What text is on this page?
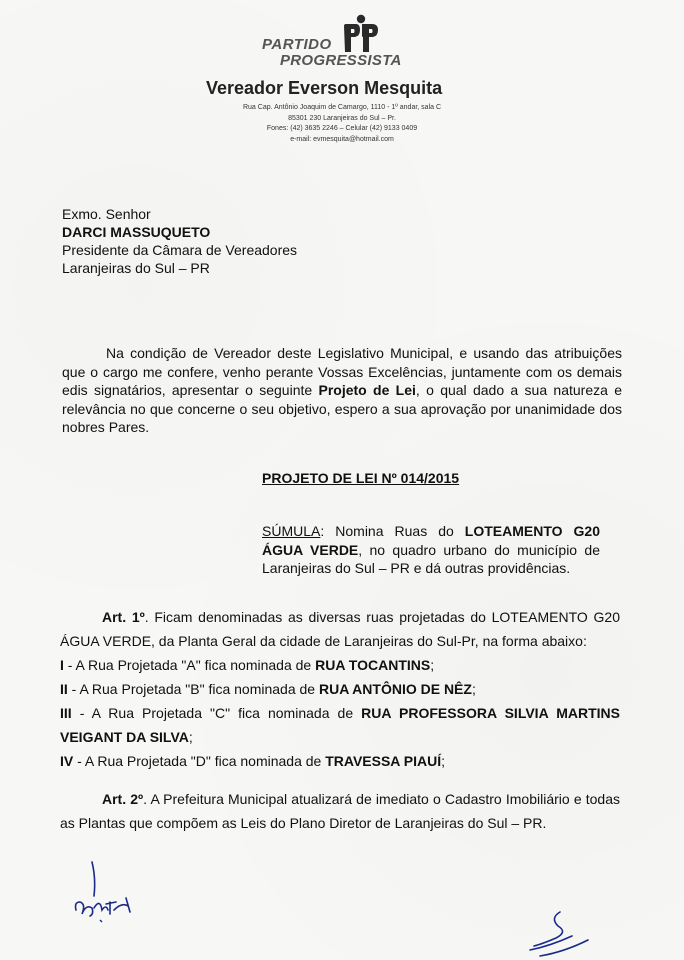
PARTIDO
PROGRESSISTA
Vereador Everson Mesquita
Rua Cap. Antônio Joaquim de Camargo, 1110 - 1º andar, sala C
85301 230 Laranjeiras do Sul – Pr.
Fones: (42) 3635 2246 – Celular (42) 9133 0409
e-mail: evmesquita@hotmail.com
Exmo. Senhor
DARCI MASSUQUETO
Presidente da Câmara de Vereadores
Laranjeiras do Sul – PR

Na condição de Vereador deste Legislativo Municipal, e usando das atribuições que o cargo me confere, venho perante Vossas Excelências, juntamente com os demais edis signatários, apresentar o seguinte Projeto de Lei, o qual dado a sua natureza e relevância no que concerne o seu objetivo, espero a sua aprovação por unanimidade dos nobres Pares.

PROJETO DE LEI Nº 014/2015

SÚMULA: Nomina Ruas do LOTEAMENTO G20 ÁGUA VERDE, no quadro urbano do município de Laranjeiras do Sul – PR e dá outras providências.

Art. 1º. Ficam denominadas as diversas ruas projetadas do LOTEAMENTO G20 ÁGUA VERDE, da Planta Geral da cidade de Laranjeiras do Sul-Pr, na forma abaixo:

I - A Rua Projetada "A" fica nominada de RUA TOCANTINS;

II - A Rua Projetada "B" fica nominada de RUA ANTÔNIO DE NÊZ;

III - A Rua Projetada "C" fica nominada de RUA PROFESSORA SILVIA MARTINS VEIGANT DA SILVA;

IV - A Rua Projetada "D" fica nominada de TRAVESSA PIAUÍ;

Art. 2º. A Prefeitura Municipal atualizará de imediato o Cadastro Imobiliário e todas as Plantas que compõem as Leis do Plano Diretor de Laranjeiras do Sul – PR.
